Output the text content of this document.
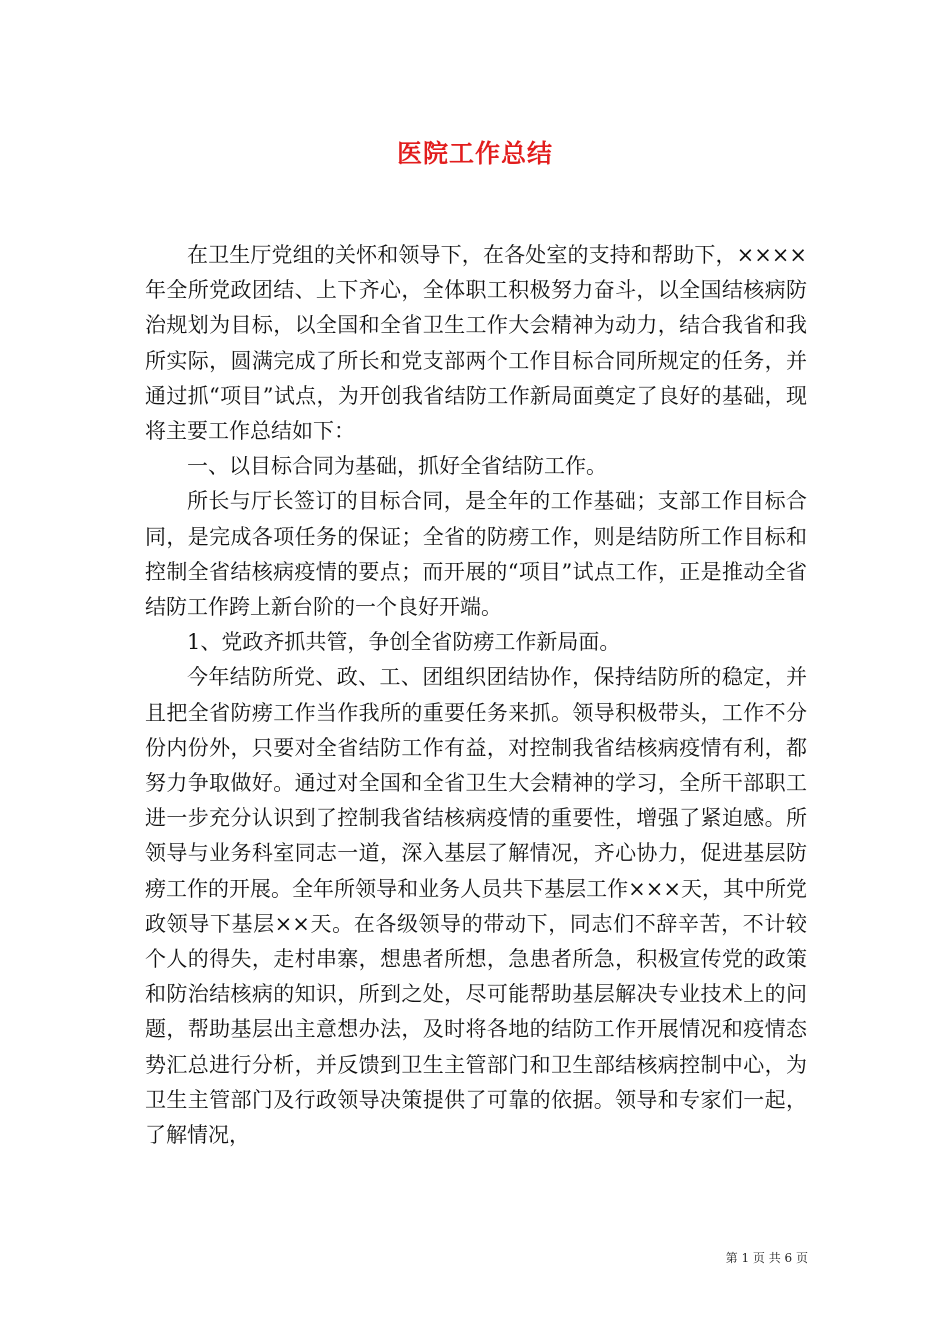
医院工作总结

在卫生厅党组的关怀和领导下，在各处室的支持和帮助下，××××年全所党政团结、上下齐心，全体职工积极努力奋斗，以全国结核病防治规划为目标，以全国和全省卫生工作大会精神为动力，结合我省和我所实际，圆满完成了所长和党支部两个工作目标合同所规定的任务，并通过抓“项目”试点，为开创我省结防工作新局面奠定了良好的基础，现将主要工作总结如下：

一、以目标合同为基础，抓好全省结防工作。

所长与厅长签订的目标合同，是全年的工作基础；支部工作目标合同，是完成各项任务的保证；全省的防痨工作，则是结防所工作目标和控制全省结核病疫情的要点；而开展的“项目”试点工作，正是推动全省结防工作跨上新台阶的一个良好开端。

1、党政齐抓共管，争创全省防痨工作新局面。

今年结防所党、政、工、团组织团结协作，保持结防所的稳定，并且把全省防痨工作当作我所的重要任务来抓。领导积极带头，工作不分份内份外，只要对全省结防工作有益，对控制我省结核病疫情有利，都努力争取做好。通过对全国和全省卫生大会精神的学习，全所干部职工进一步充分认识到了控制我省结核病疫情的重要性，增强了紧迫感。所领导与业务科室同志一道，深入基层了解情况，齐心协力，促进基层防痨工作的开展。全年所领导和业务人员共下基层工作×××天，其中所党政领导下基层××天。在各级领导的带动下，同志们不辞辛苦，不计较个人的得失，走村串寨，想患者所想，急患者所急，积极宣传党的政策和防治结核病的知识，所到之处，尽可能帮助基层解决专业技术上的问题，帮助基层出主意想办法，及时将各地的结防工作开展情况和疫情态势汇总进行分析，并反馈到卫生主管部门和卫生部结核病控制中心，为卫生主管部门及行政领导决策提供了可靠的依据。领导和专家们一起，了解情况，

第 1 页 共 6 页
